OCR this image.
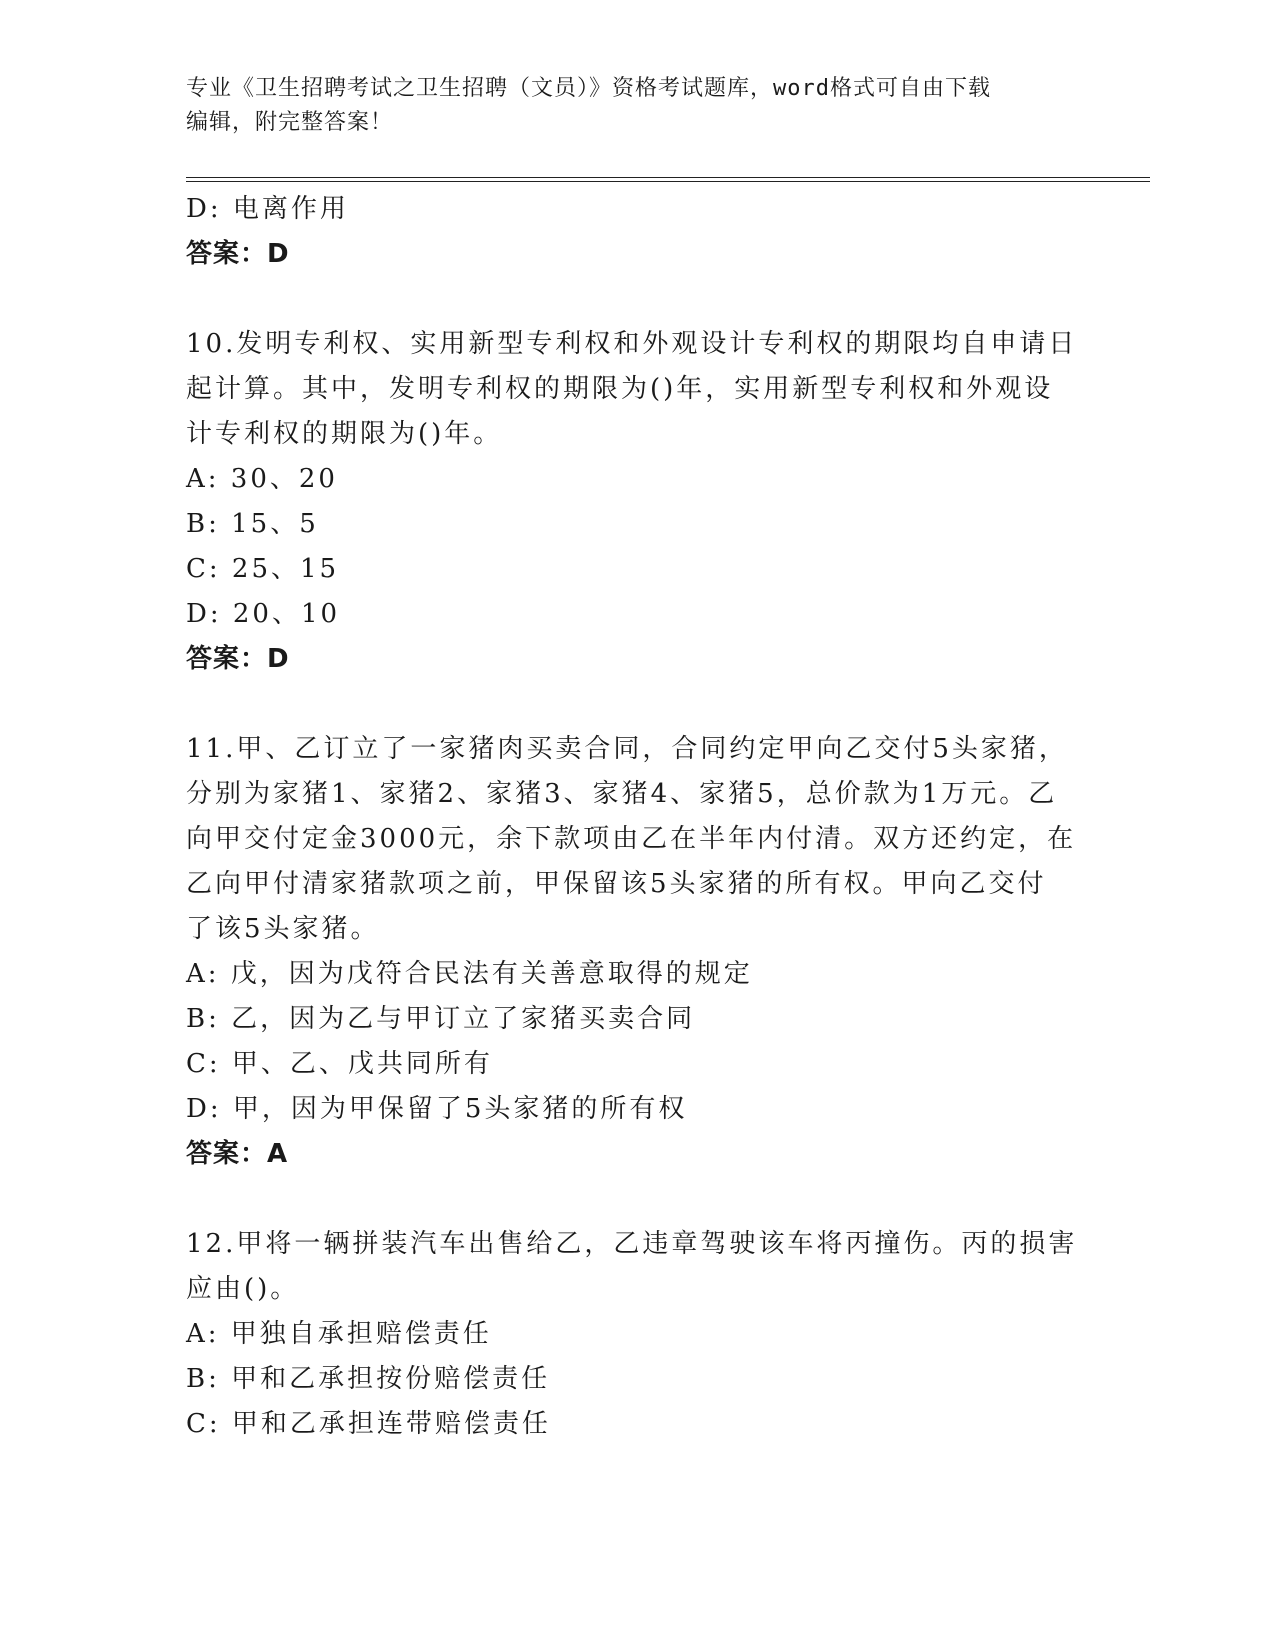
专业《卫生招聘考试之卫生招聘（文员）》资格考试题库，word格式可自由下载
编辑，附完整答案！
D: 电离作用
答案：D
10.发明专利权、实用新型专利权和外观设计专利权的期限均自申请日
起计算。其中，发明专利权的期限为()年，实用新型专利权和外观设
计专利权的期限为()年。
A: 30、20
B: 15、5
C: 25、15
D: 20、10
答案：D
11.甲、乙订立了一家猪肉买卖合同，合同约定甲向乙交付5头家猪，
分别为家猪1、家猪2、家猪3、家猪4、家猪5，总价款为1万元。乙
向甲交付定金3000元，余下款项由乙在半年内付清。双方还约定，在
乙向甲付清家猪款项之前，甲保留该5头家猪的所有权。甲向乙交付
了该5头家猪。
A: 戊，因为戊符合民法有关善意取得的规定
B: 乙，因为乙与甲订立了家猪买卖合同
C: 甲、乙、戊共同所有
D: 甲，因为甲保留了5头家猪的所有权
答案：A
12.甲将一辆拼装汽车出售给乙，乙违章驾驶该车将丙撞伤。丙的损害
应由()。
A: 甲独自承担赔偿责任
B: 甲和乙承担按份赔偿责任
C: 甲和乙承担连带赔偿责任
